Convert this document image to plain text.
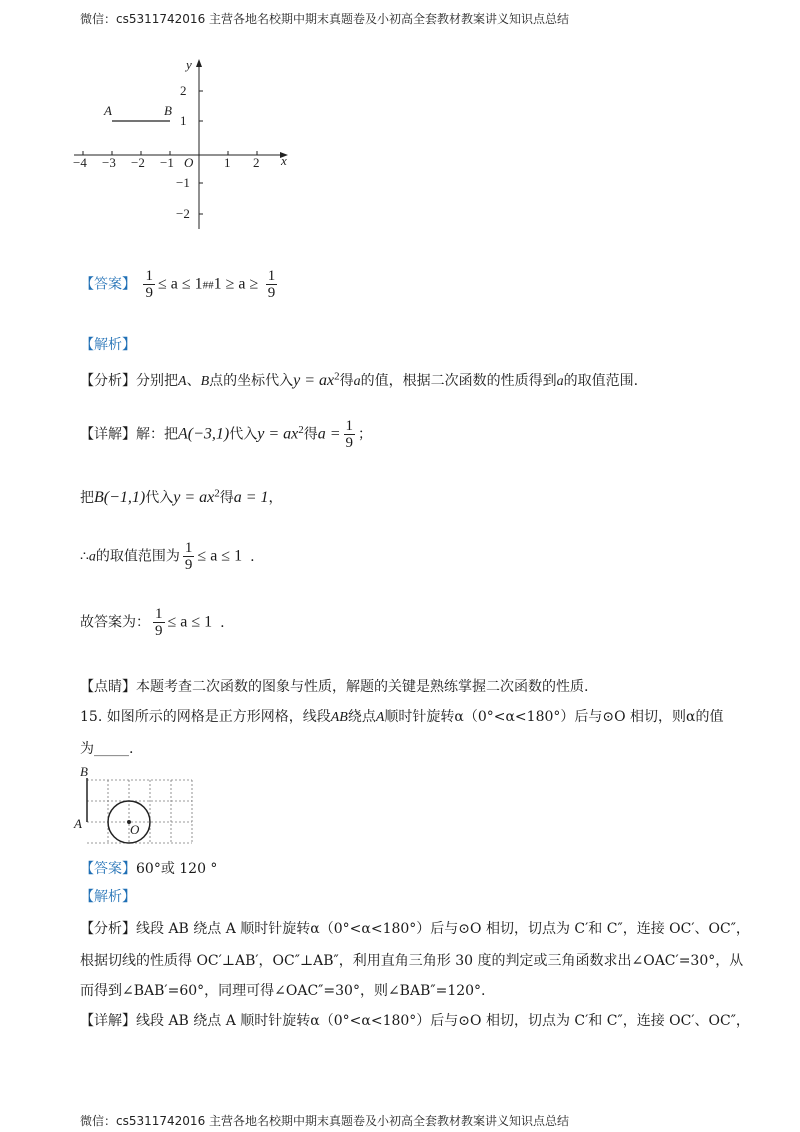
微信：cs5311742016 主营各地名校期中期末真题卷及小初高全套教材教案讲义知识点总结
−4 −3 −2 −1	1 2
2
1
−1
−2
O	x
y
A	B
【答案】 $\frac{1}{9} \le a$ ≤ 1##1 ≥ $a \ge \frac{1}{9}$
【解析】
【分析】分别把A、B点的坐标代入$y = ax^2$得a的值，根据二次函数的性质得到a的取值范围.
【详解】解：把A(−3,1)代入$y = ax^2$得$a = \frac{1}{9}$ ；
把B(−1,1)代入$y = ax^2$得a = 1，
∴a的取值范围为 $\frac{1}{9} \le a \le 1$ .
故答案为： $\frac{1}{9} \le a \le 1$ .
【点睛】本题考查二次函数的图象与性质，解题的关键是熟练掌握二次函数的性质.
15. 如图所示的网格是正方形网格，线段AB绕点A顺时针旋转α（0°<α<180°）后与⊙O 相切，则α的值
为_____.
B
A	O
【答案】60°或 120 °
【解析】
【分析】线段 AB 绕点 A 顺时针旋转α（0°<α<180°）后与⊙O 相切，切点为 C′和 C″，连接 OC′、OC″，
根据切线的性质得 OC′⊥AB′，OC″⊥AB″，利用直角三角形 30 度的判定或三角函数求出∠OAC′=30°，从
而得到∠BAB′=60°，同理可得∠OAC″=30°，则∠BAB″=120°.
【详解】线段 AB 绕点 A 顺时针旋转α（0°<α<180°）后与⊙O 相切，切点为 C′和 C″，连接 OC′、OC″，
微信：cs5311742016 主营各地名校期中期末真题卷及小初高全套教材教案讲义知识点总结
